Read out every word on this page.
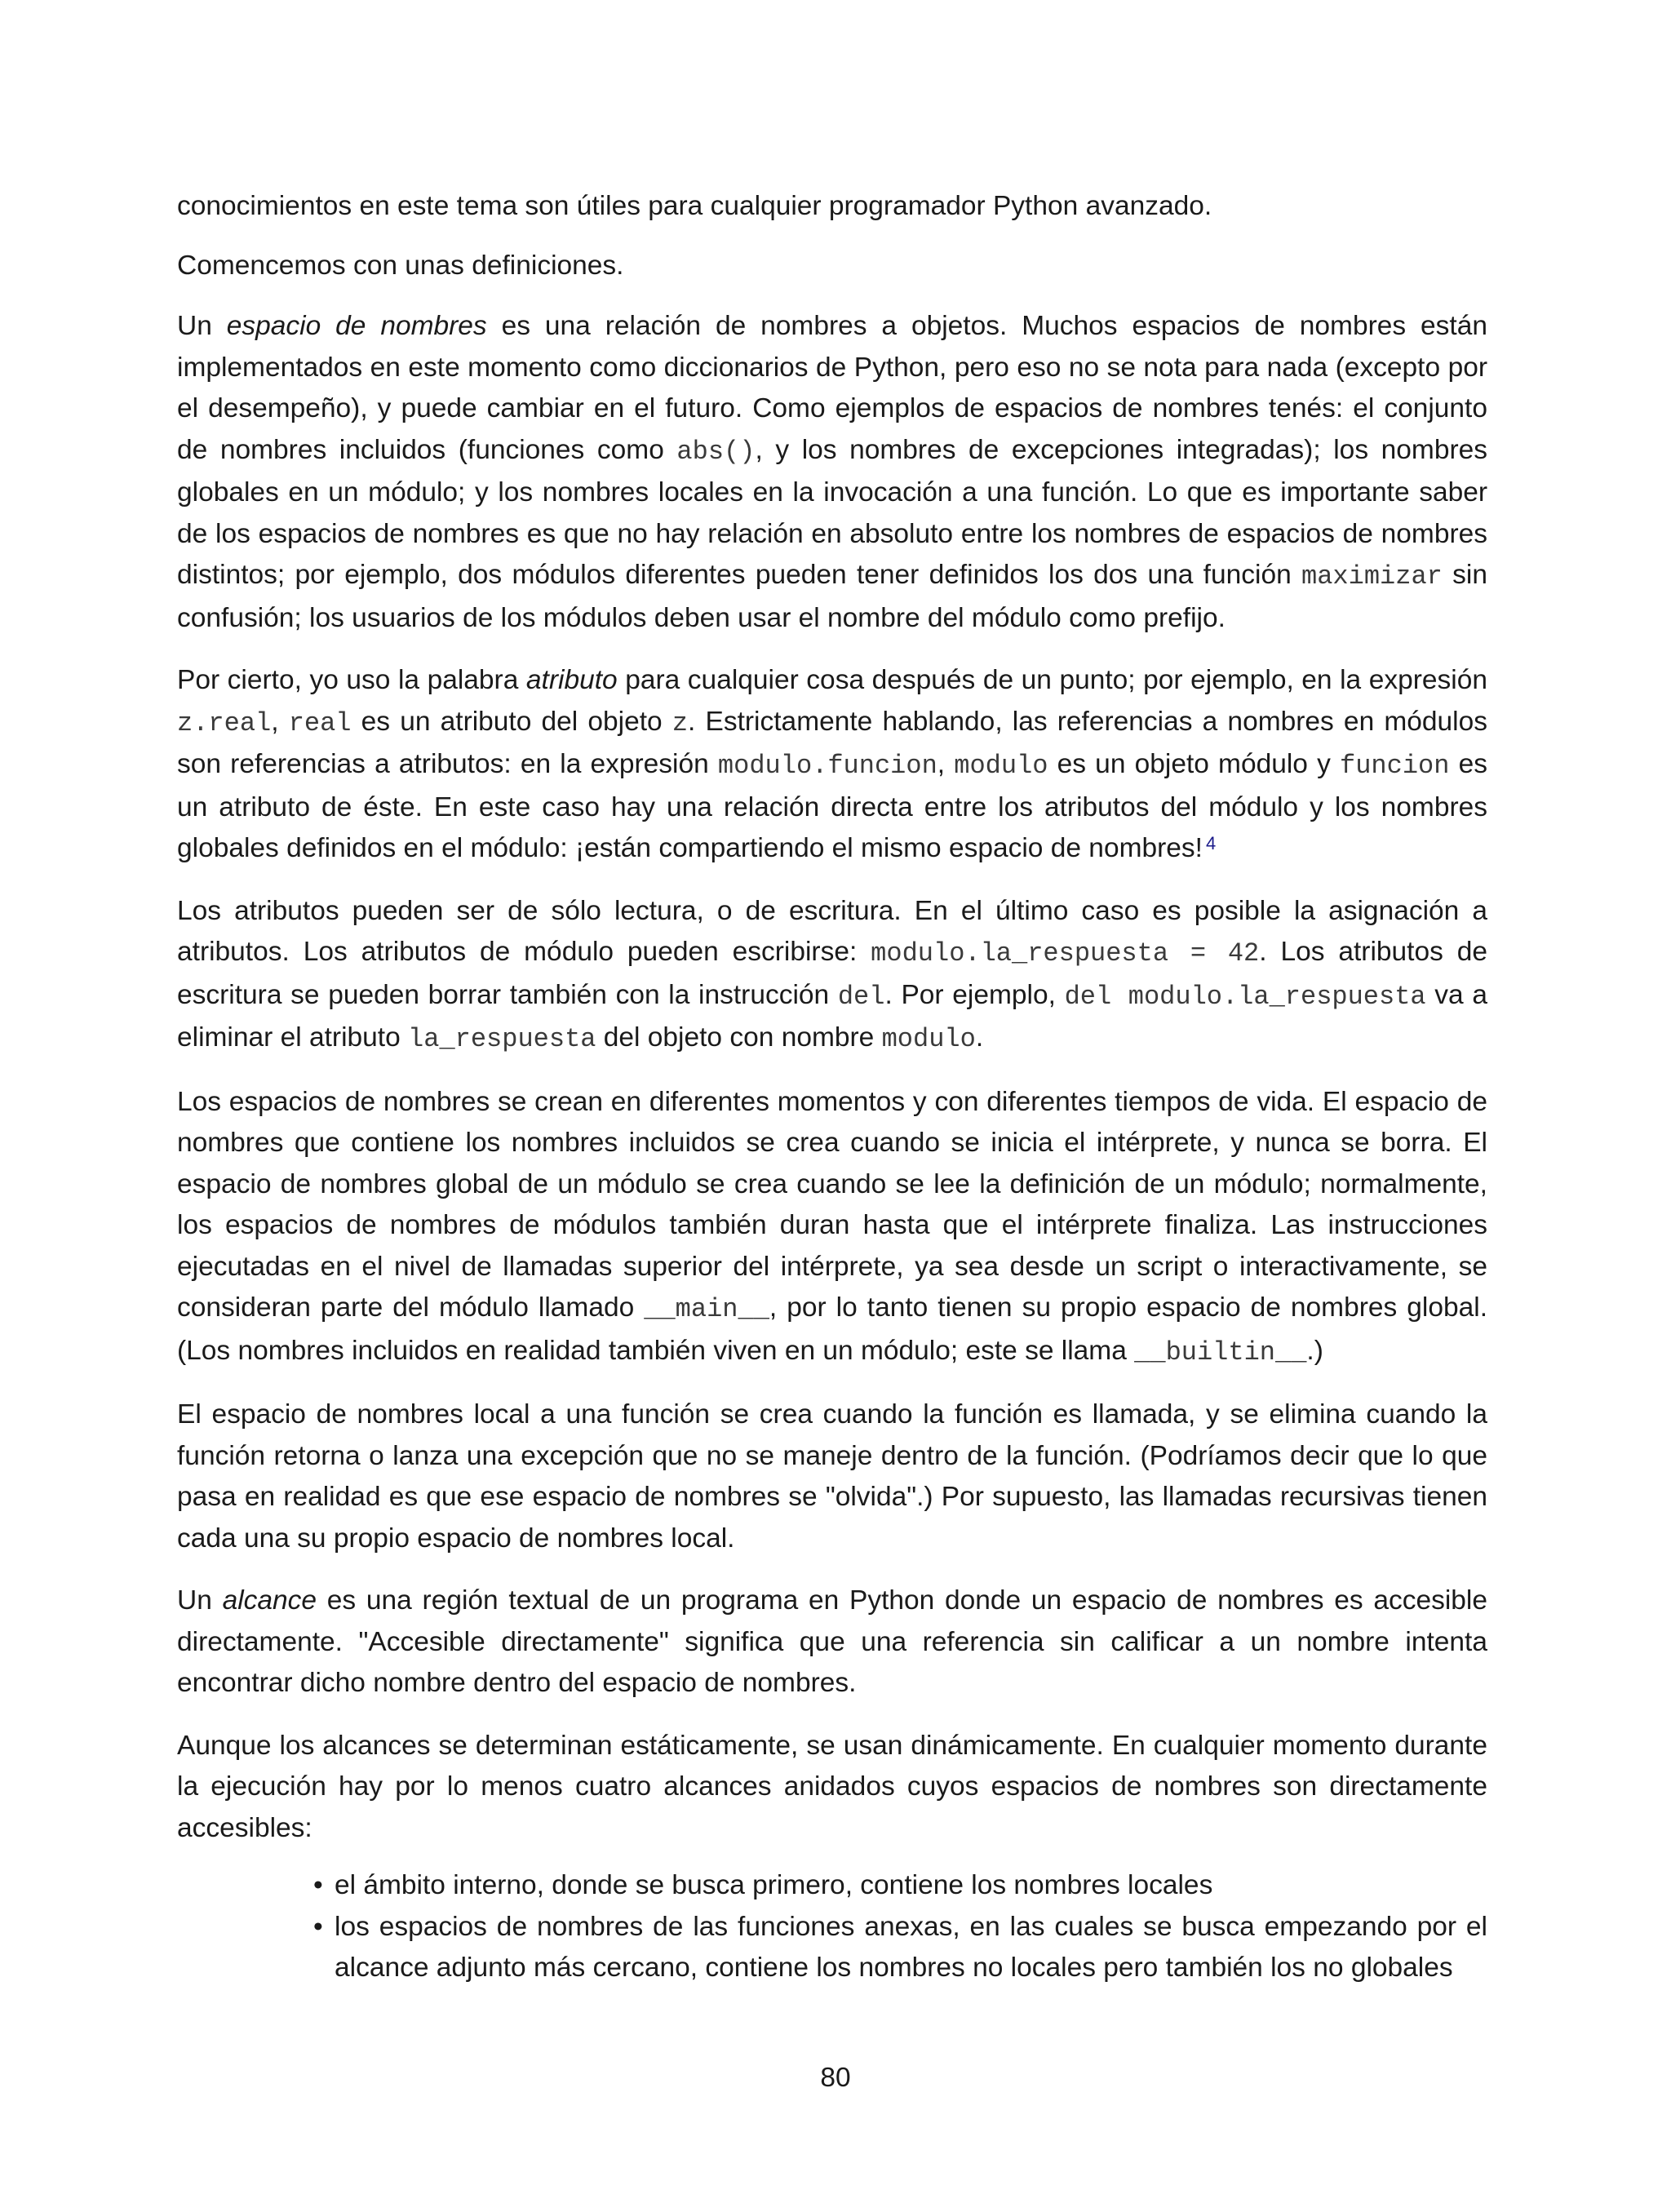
conocimientos en este tema son útiles para cualquier programador Python avanzado.

Comencemos con unas definiciones.

Un espacio de nombres es una relación de nombres a objetos. Muchos espacios de nombres están implementados en este momento como diccionarios de Python, pero eso no se nota para nada (excepto por el desempeño), y puede cambiar en el futuro. Como ejemplos de espacios de nombres tenés: el conjunto de nombres incluidos (funciones como abs(), y los nombres de excepciones integradas); los nombres globales en un módulo; y los nombres locales en la invocación a una función. Lo que es importante saber de los espacios de nombres es que no hay relación en absoluto entre los nombres de espacios de nombres distintos; por ejemplo, dos módulos diferentes pueden tener definidos los dos una función maximizar sin confusión; los usuarios de los módulos deben usar el nombre del módulo como prefijo.

Por cierto, yo uso la palabra atributo para cualquier cosa después de un punto; por ejemplo, en la expresión z.real, real es un atributo del objeto z. Estrictamente hablando, las referencias a nombres en módulos son referencias a atributos: en la expresión modulo.funcion, modulo es un objeto módulo y funcion es un atributo de éste. En este caso hay una relación directa entre los atributos del módulo y los nombres globales definidos en el módulo: ¡están compartiendo el mismo espacio de nombres! $^4$

Los atributos pueden ser de sólo lectura, o de escritura. En el último caso es posible la asignación a atributos. Los atributos de módulo pueden escribirse: modulo.la_respuesta = 42. Los atributos de escritura se pueden borrar también con la instrucción del. Por ejemplo, del modulo.la_respuesta va a eliminar el atributo la_respuesta del objeto con nombre modulo.

Los espacios de nombres se crean en diferentes momentos y con diferentes tiempos de vida. El espacio de nombres que contiene los nombres incluidos se crea cuando se inicia el intérprete, y nunca se borra. El espacio de nombres global de un módulo se crea cuando se lee la definición de un módulo; normalmente, los espacios de nombres de módulos también duran hasta que el intérprete finaliza. Las instrucciones ejecutadas en el nivel de llamadas superior del intérprete, ya sea desde un script o interactivamente, se consideran parte del módulo llamado __main__, por lo tanto tienen su propio espacio de nombres global. (Los nombres incluidos en realidad también viven en un módulo; este se llama __builtin__.)

El espacio de nombres local a una función se crea cuando la función es llamada, y se elimina cuando la función retorna o lanza una excepción que no se maneje dentro de la función. (Podríamos decir que lo que pasa en realidad es que ese espacio de nombres se "olvida".) Por supuesto, las llamadas recursivas tienen cada una su propio espacio de nombres local.

Un alcance es una región textual de un programa en Python donde un espacio de nombres es accesible directamente. "Accesible directamente" significa que una referencia sin calificar a un nombre intenta encontrar dicho nombre dentro del espacio de nombres.

Aunque los alcances se determinan estáticamente, se usan dinámicamente. En cualquier momento durante la ejecución hay por lo menos cuatro alcances anidados cuyos espacios de nombres son directamente accesibles:

• el ámbito interno, donde se busca primero, contiene los nombres locales
• los espacios de nombres de las funciones anexas, en las cuales se busca empezando por el alcance adjunto más cercano, contiene los nombres no locales pero también los no globales
80
